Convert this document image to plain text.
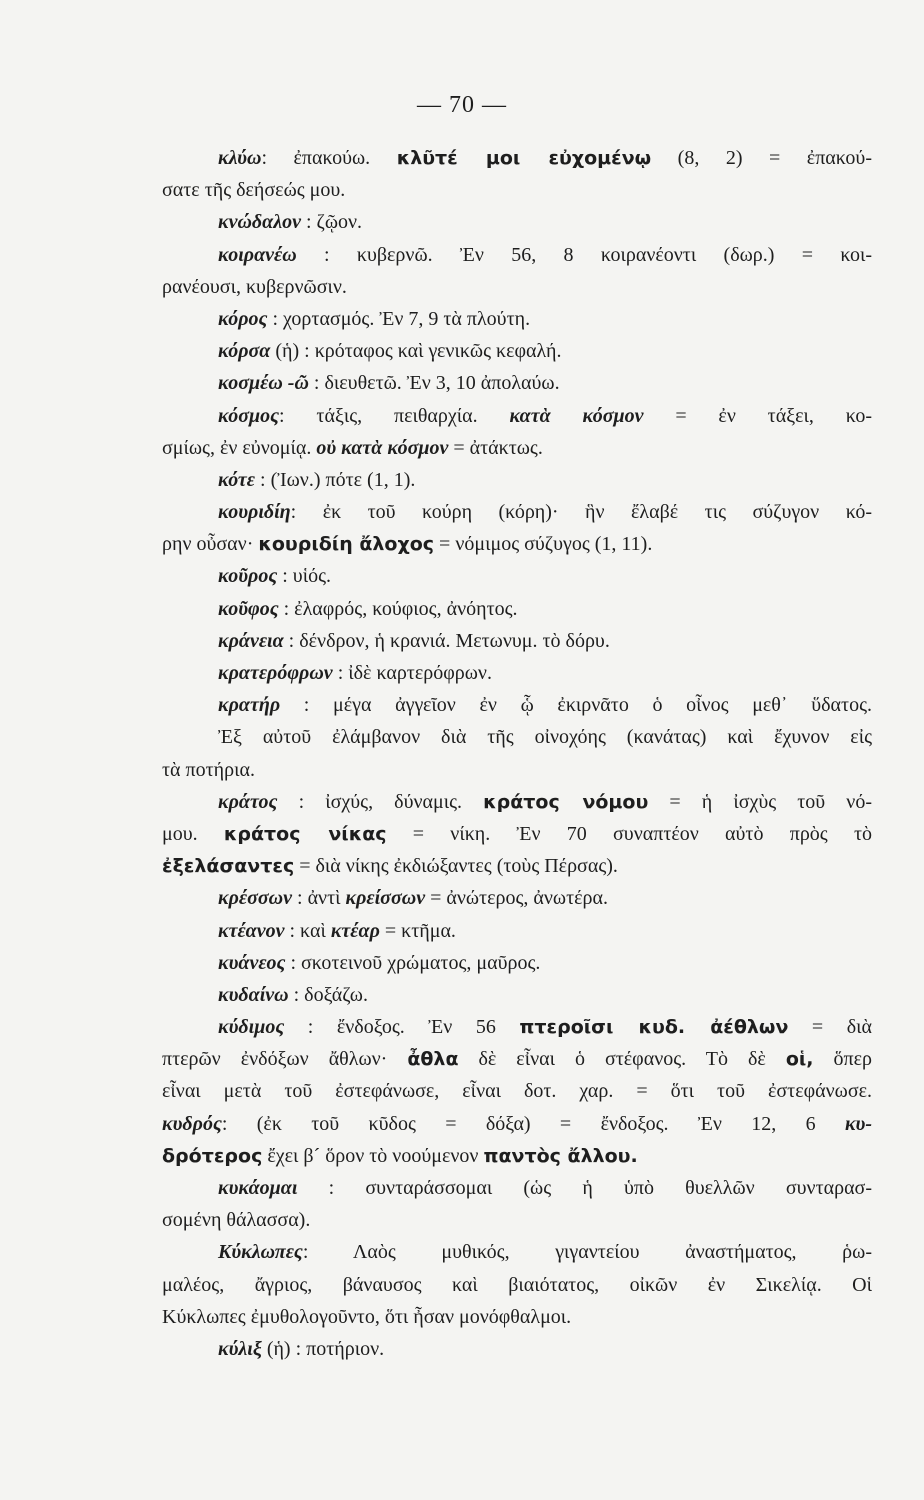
— 70 —
κλύω: ἐπακούω. κλῦτέ μοι εὐχομένῳ (8, 2) = ἐπακού-
σατε τῆς δεήσεώς μου.
κνώδαλον : ζῷον.
κοιρανέω : κυβερνῶ. Ἐν 56, 8 κοιρανέοντι (δωρ.) = κοι-
ρανέουσι, κυβερνῶσιν.
κόρος : χορτασμός. Ἐν 7, 9 τὰ πλούτη.
κόρσα (ἡ) : κρόταφος καὶ γενικῶς κεφαλή.
κοσμέω -ῶ : διευθετῶ. Ἐν 3, 10 ἀπολαύω.
κόσμος: τάξις, πειθαρχία. κατὰ κόσμον = ἐν τάξει, κο-
σμίως, ἐν εὐνομίᾳ. οὐ κατὰ κόσμον = ἀτάκτως.
κότε : (Ἰων.) πότε (1, 1).
κουριδίη: ἐκ τοῦ κούρη (κόρη)· ἣν ἔλαβέ τις σύζυγον κό-
ρην οὖσαν· κουριδίη ἄλοχος = νόμιμος σύζυγος (1, 11).
κοῦρος : υἱός.
κοῦφος : ἐλαφρός, κούφιος, ἀνόητος.
κράνεια : δένδρον, ἡ κρανιά. Μετωνυμ. τὸ δόρυ.
κρατερόφρων : ἰδὲ καρτερόφρων.
κρατήρ : μέγα ἀγγεῖον ἐν ᾧ ἐκιρνᾶτο ὁ οἶνος μεθ᾽ ὕδατος.
Ἐξ αὐτοῦ ἐλάμβανον διὰ τῆς οἰνοχόης (κανάτας) καὶ ἔχυνον εἰς
τὰ ποτήρια.
κράτος : ἰσχύς, δύναμις. κράτος νόμου = ἡ ἰσχὺς τοῦ νό-
μου. κράτος νίκας = νίκη. Ἐν 70 συναπτέον αὐτὸ πρὸς τὸ
ἐξελάσαντες = διὰ νίκης ἐκδιώξαντες (τοὺς Πέρσας).
κρέσσων : ἀντὶ κρείσσων = ἀνώτερος, ἀνωτέρα.
κτέανον : καὶ κτέαρ = κτῆμα.
κυάνεος : σκοτεινοῦ χρώματος, μαῦρος.
κυδαίνω : δοξάζω.
κύδιμος : ἔνδοξος. Ἐν 56 πτεροῖσι κυδ. ἀέθλων = διὰ
πτερῶν ἐνδόξων ἄθλων· ἆθλα δὲ εἶναι ὁ στέφανος. Τὸ δὲ οἱ, ὅπερ
εἶναι μετὰ τοῦ ἐστεφάνωσε, εἶναι δοτ. χαρ. = ὅτι τοῦ ἐστεφάνωσε.
κυδρός: (ἐκ τοῦ κῦδος = δόξα) = ἔνδοξος. Ἐν 12, 6 κυ-
δρότερος ἔχει β´ ὅρον τὸ νοούμενον παντὸς ἄλλου.
κυκάομαι : συνταράσσομαι (ὡς ἡ ὑπὸ θυελλῶν συνταρασ-
σομένη θάλασσα).
Κύκλωπες: Λαὸς μυθικός, γιγαντείου ἀναστήματος, ῥω-
μαλέος, ἄγριος, βάναυσος καὶ βιαιότατος, οἰκῶν ἐν Σικελίᾳ. Οἱ
Κύκλωπες ἐμυθολογοῦντο, ὅτι ἦσαν μονόφθαλμοι.
κύλιξ (ἡ) : ποτήριον.
